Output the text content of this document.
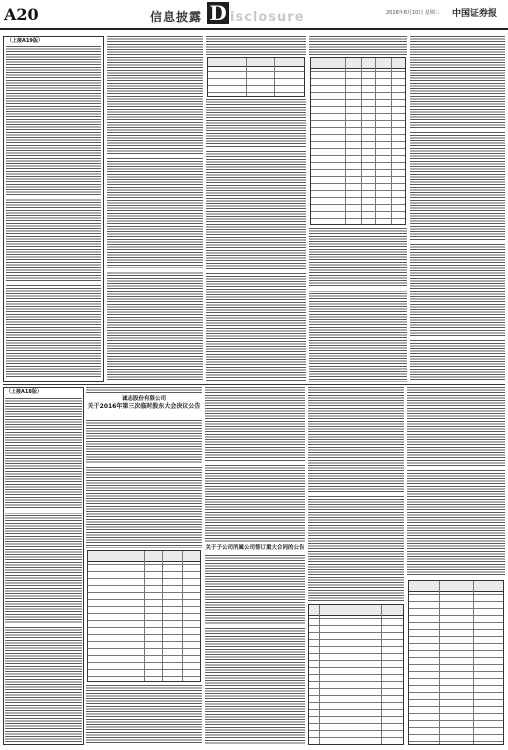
A20	信息披露 D isclosure	2016年8月10日 星期三 中国证券报
（上接A19版）
（上接A18版）
诚志股份有限公司
关于2016年第三次临时股东大会决议公告
关于子公司所属公司签订重大合同的公告
